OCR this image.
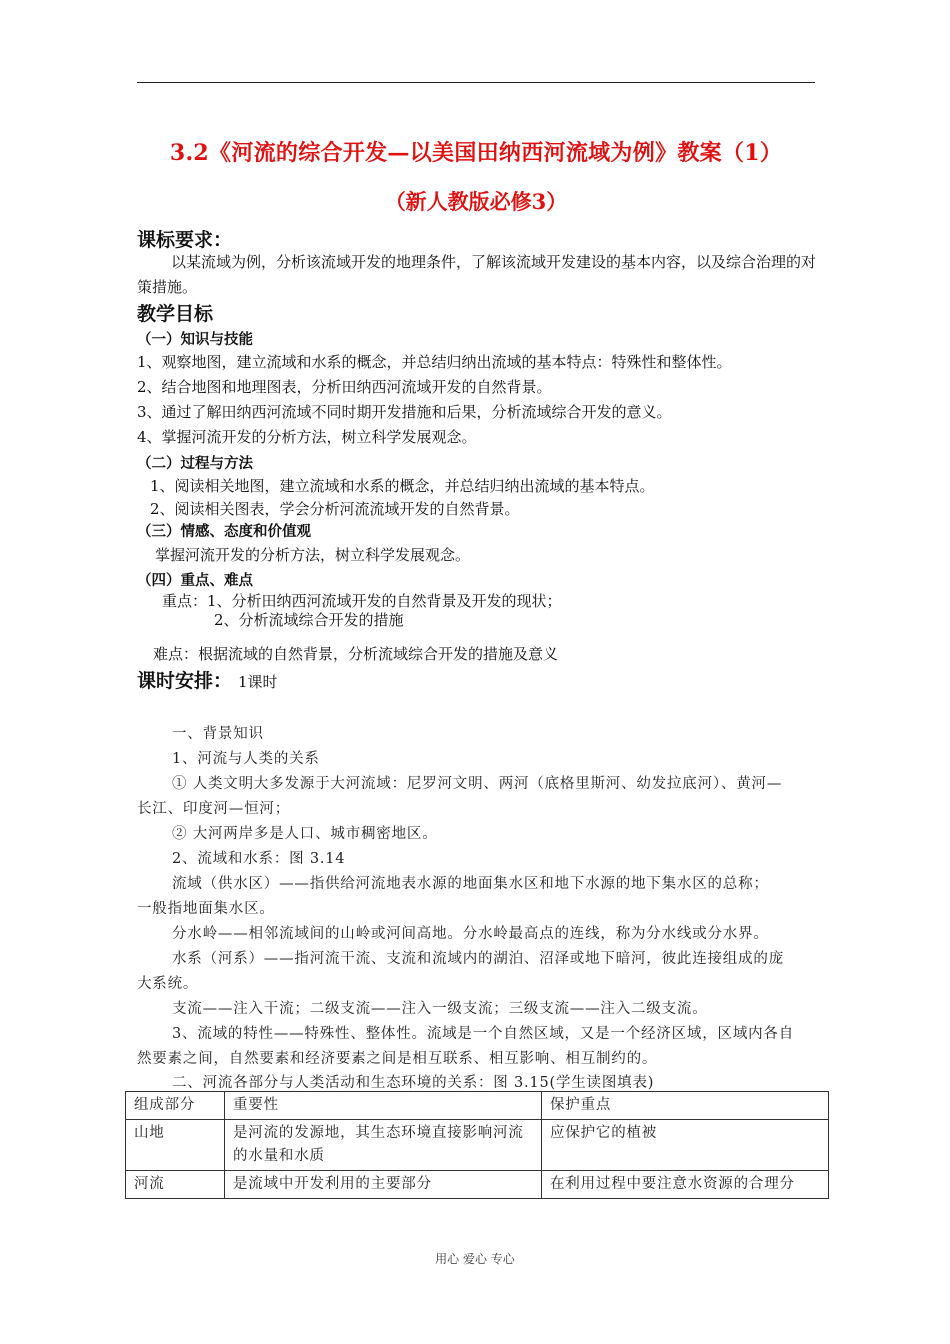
3.2《河流的综合开发—以美国田纳西河流域为例》教案（1）
（新人教版必修3）
课标要求：
以某流域为例，分析该流域开发的地理条件，了解该流域开发建设的基本内容，以及综合治理的对策措施。
教学目标
（一）知识与技能
1、观察地图，建立流域和水系的概念，并总结归纳出流域的基本特点：特殊性和整体性。
2、结合地图和地理图表，分析田纳西河流域开发的自然背景。
3、通过了解田纳西河流域不同时期开发措施和后果，分析流域综合开发的意义。
4、掌握河流开发的分析方法，树立科学发展观念。
（二）过程与方法
1、阅读相关地图，建立流域和水系的概念，并总结归纳出流域的基本特点。
2、阅读相关图表，学会分析河流流域开发的自然背景。
（三）情感、态度和价值观
掌握河流开发的分析方法，树立科学发展观念。
（四）重点、难点
重点：1、分析田纳西河流域开发的自然背景及开发的现状；
2、分析流域综合开发的措施
难点：根据流域的自然背景，分析流域综合开发的措施及意义
课时安排： 1课时
一、背景知识
1、河流与人类的关系
① 人类文明大多发源于大河流域：尼罗河文明、两河（底格里斯河、幼发拉底河）、黄河—
长江、印度河—恒河；
② 大河两岸多是人口、城市稠密地区。
2、流域和水系：图 3.14
流域（供水区）——指供给河流地表水源的地面集水区和地下水源的地下集水区的总称；
一般指地面集水区。
分水岭——相邻流域间的山岭或河间高地。分水岭最高点的连线，称为分水线或分水界。
水系（河系）——指河流干流、支流和流域内的湖泊、沼泽或地下暗河，彼此连接组成的庞
大系统。
支流——注入干流；二级支流——注入一级支流；三级支流——注入二级支流。
3、流域的特性——特殊性、整体性。流域是一个自然区域，又是一个经济区域，区域内各自
然要素之间，自然要素和经济要素之间是相互联系、相互影响、相互制约的。
二、河流各部分与人类活动和生态环境的关系：图 3.15(学生读图填表)
组成部分	重要性	保护重点
山地	是河流的发源地，其生态环境直接影响河流的水量和水质	应保护它的植被
河流	是流域中开发利用的主要部分	在利用过程中要注意水资源的合理分
用心 爱心 专心
